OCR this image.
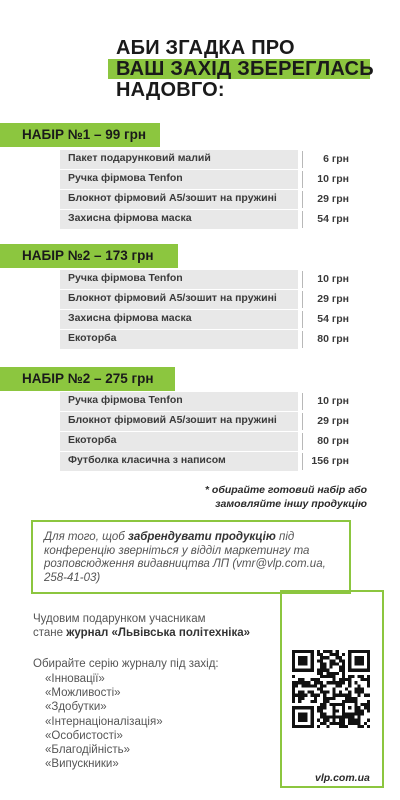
АБИ ЗГАДКА ПРО
ВАШ ЗАХІД ЗБЕРЕГЛАСЬ
НАДОВГО:
НАБІР №1 – 99 грн
Пакет подарунковий малий	6 грн
Ручка фірмова Tenfon	10 грн
Блокнот фірмовий А5/зошит на пружині	29 грн
Захисна фірмова маска	54 грн
НАБІР №2 – 173 грн
Ручка фірмова Tenfon	10 грн
Блокнот фірмовий А5/зошит на пружині	29 грн
Захисна фірмова маска	54 грн
Екоторба	80 грн
НАБІР №2 – 275 грн
Ручка фірмова Tenfon	10 грн
Блокнот фірмовий А5/зошит на пружині	29 грн
Екоторба	80 грн
Футболка класична з написом	156 грн
* обирайте готовий набір або
замовляйте іншу продукцію
Для того, щоб забрендувати продукцію під конференцію зверніться у відділ маркетингу та розповсюдження видавництва ЛП (vmr@vlp.com.ua, 258-41-03)
vlp.com.ua
Чудовим подарунком учасникам
стане журнал «Львівська політехніка»
Обирайте серію журналу під захід:
«Інновації»
«Можливості»
«Здобутки»
«Інтернаціоналізація»
«Особистості»
«Благодійність»
«Випускники»
